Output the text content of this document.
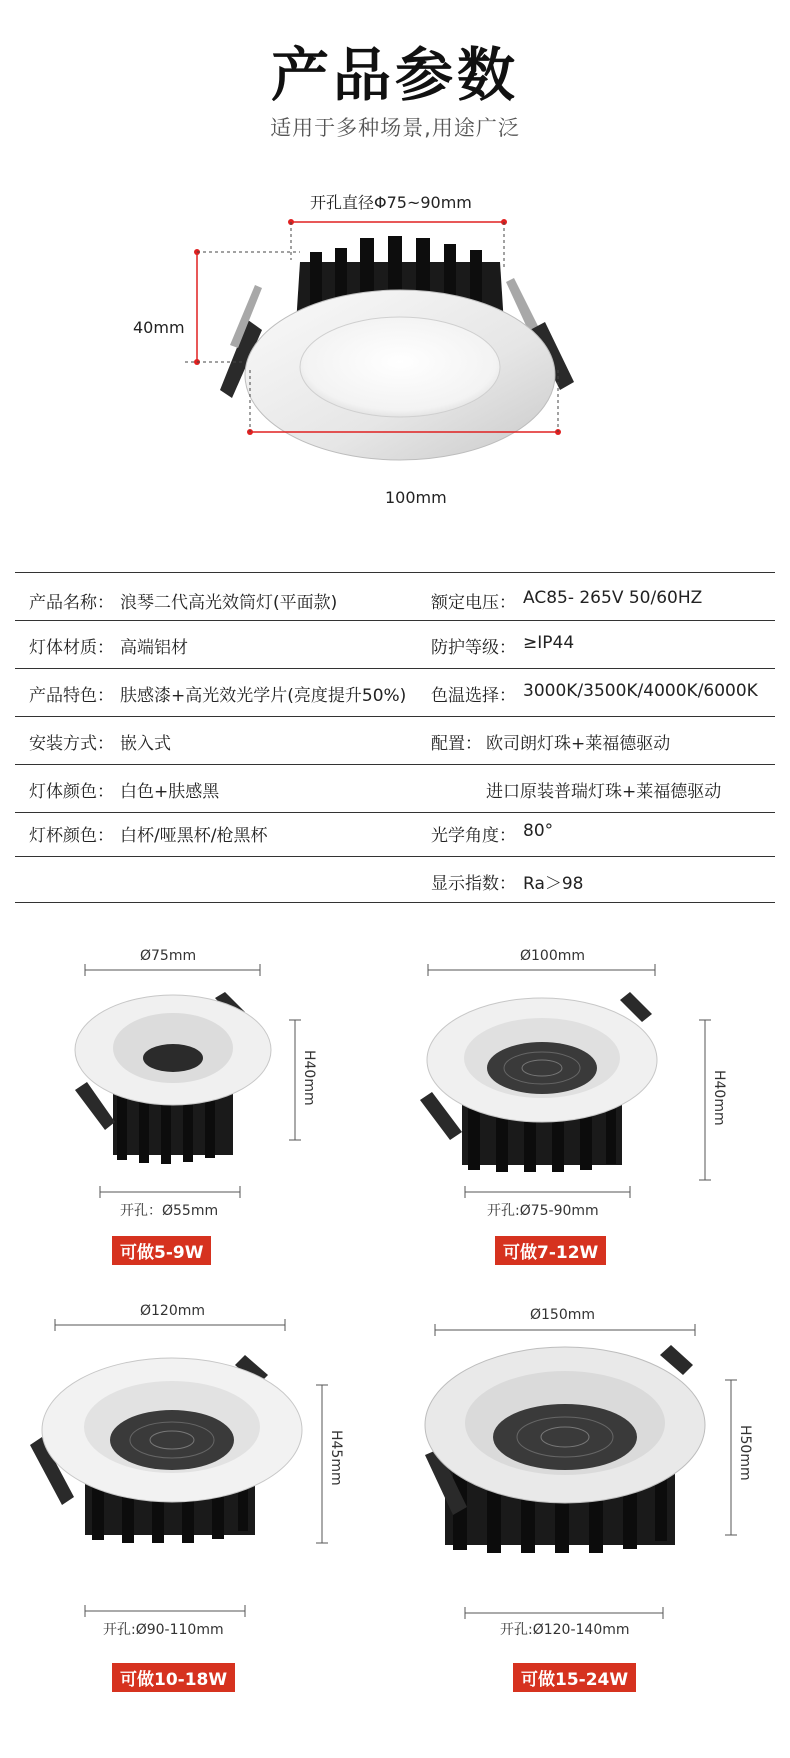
产品参数
适用于多种场景,用途广泛
开孔直径Φ75~90mm
40mm
100mm
产品名称： 浪琴二代高光效筒灯(平面款)	额定电压： AC85- 265V 50/60HZ
灯体材质： 高端铝材	防护等级： ≥IP44
产品特色： 肤感漆+高光效光学片(亮度提升50%) 色温选择： 3000K/3500K/4000K/6000K
安装方式： 嵌入式	配置： 欧司朗灯珠+莱福德驱动
灯体颜色： 白色+肤感黑	进口原装普瑞灯珠+莱福德驱动
灯杯颜色： 白杯/哑黑杯/枪黑杯	光学角度： 80°
显示指数： Ra＞98
Ø75mm
H40mm
开孔：Ø55mm
可做5-9W
Ø100mm
H40mm
开孔:Ø75-90mm
可做7-12W
Ø120mm
H45mm
开孔:Ø90-110mm
可做10-18W
Ø150mm
H50mm
开孔:Ø120-140mm
可做15-24W
